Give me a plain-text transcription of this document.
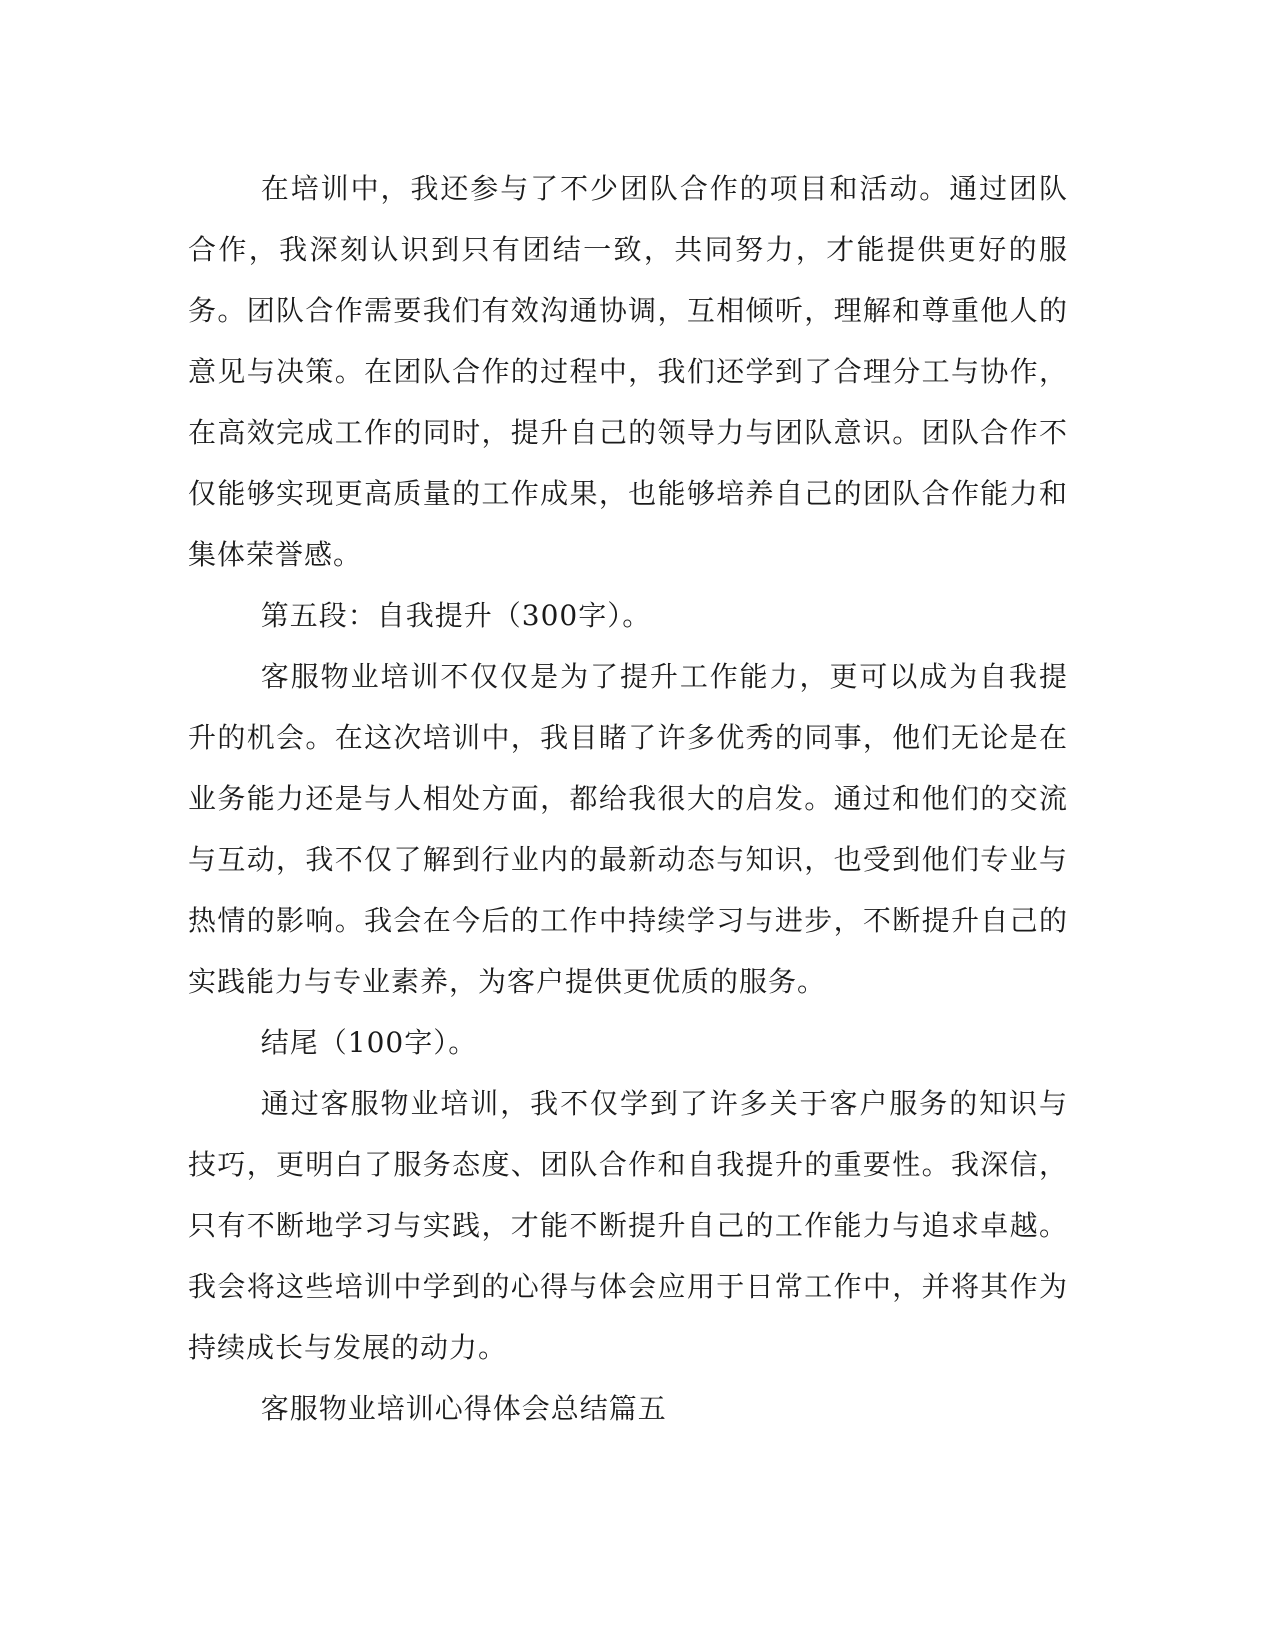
在培训中，我还参与了不少团队合作的项目和活动。通过团队合作，我深刻认识到只有团结一致，共同努力，才能提供更好的服务。团队合作需要我们有效沟通协调，互相倾听，理解和尊重他人的意见与决策。在团队合作的过程中，我们还学到了合理分工与协作，在高效完成工作的同时，提升自己的领导力与团队意识。团队合作不仅能够实现更高质量的工作成果，也能够培养自己的团队合作能力和集体荣誉感。

第五段：自我提升（300字）。

客服物业培训不仅仅是为了提升工作能力，更可以成为自我提升的机会。在这次培训中，我目睹了许多优秀的同事，他们无论是在业务能力还是与人相处方面，都给我很大的启发。通过和他们的交流与互动，我不仅了解到行业内的最新动态与知识，也受到他们专业与热情的影响。我会在今后的工作中持续学习与进步，不断提升自己的实践能力与专业素养，为客户提供更优质的服务。

结尾（100字）。

通过客服物业培训，我不仅学到了许多关于客户服务的知识与技巧，更明白了服务态度、团队合作和自我提升的重要性。我深信，只有不断地学习与实践，才能不断提升自己的工作能力与追求卓越。我会将这些培训中学到的心得与体会应用于日常工作中，并将其作为持续成长与发展的动力。

客服物业培训心得体会总结篇五
